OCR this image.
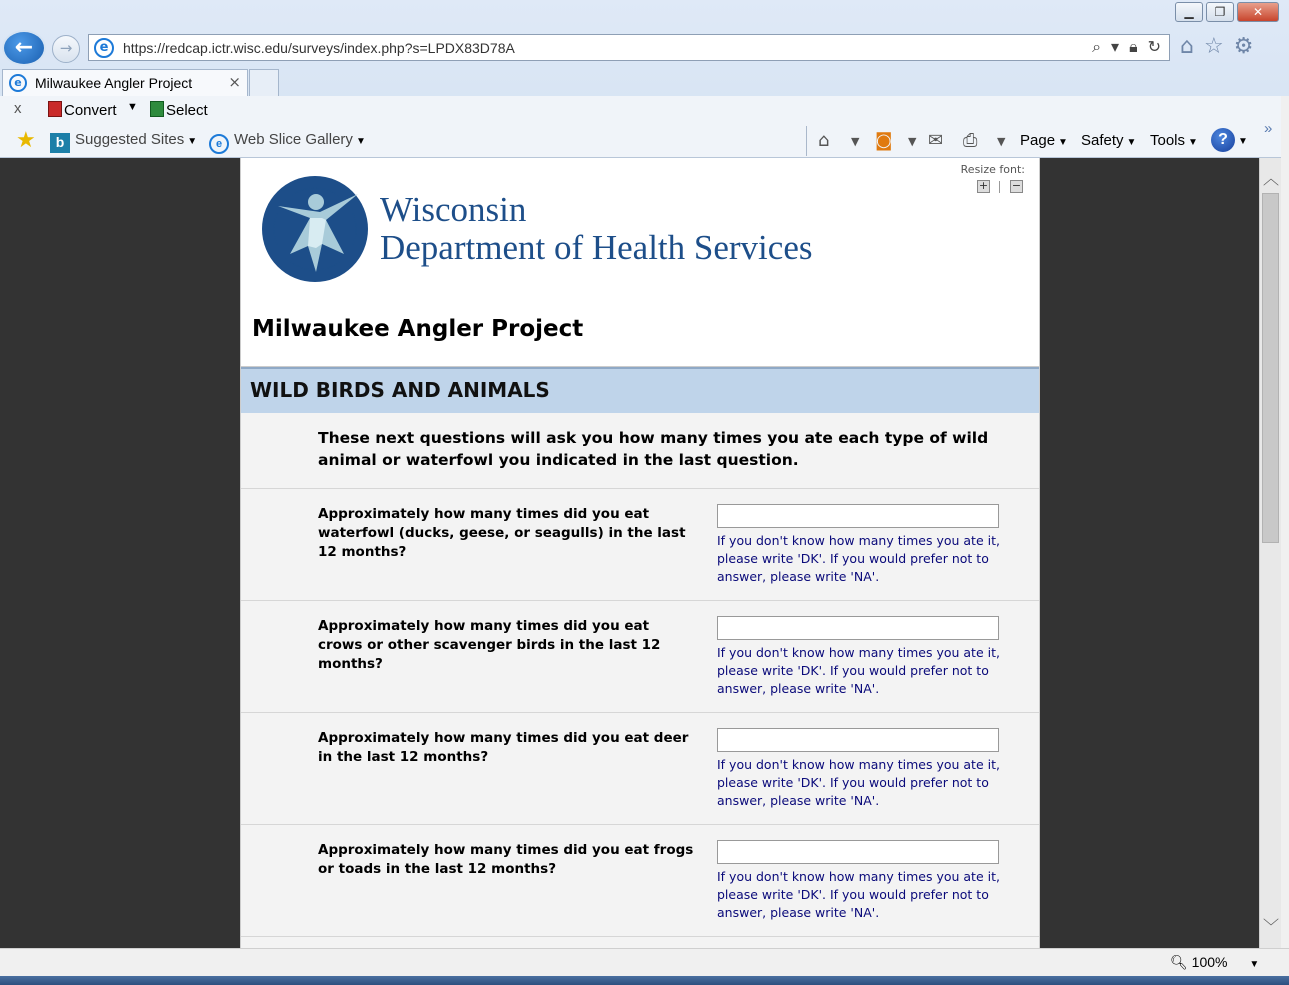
▁	❐	✕
←	→	e	https://redcap.ictr.wisc.edu/surveys/index.php?s=LPDX83D78A	⌕ ▾ 🔒︎ ↻ ⌂ ☆ ⚙
e Milwaukee Angler Project ×
x	Convert ▼	Select
★	b Suggested Sites ▼	e Web Slice Gallery ▼	⌂ ▼ ◙ ▼ ✉ ⎙ ▼ Page ▼ Safety ▼ Tools ▼	? ▼
»
Wisconsin
Department of Health Services
Resize font:
+ −
Milwaukee Angler Project
WILD BIRDS AND ANIMALS
These next questions will ask you how many times you ate each type of wild animal or waterfowl you indicated in the last question.
Approximately how many times did you eat waterfowl (ducks, geese, or seagulls) in the last 12 months?
If you don't know how many times you ate it, please write 'DK'. If you would prefer not to answer, please write 'NA'.
Approximately how many times did you eat crows or other scavenger birds in the last 12 months?
If you don't know how many times you ate it, please write 'DK'. If you would prefer not to answer, please write 'NA'.
Approximately how many times did you eat deer in the last 12 months?	If you don't know how many times you ate it, please write 'DK'. If you would prefer not to answer, please write 'NA'.
Approximately how many times did you eat frogs or toads in the last 12 months?	If you don't know how many times you ate it, please write 'DK'. If you would prefer not to answer, please write 'NA'.
︿
﹀
🔍︎ 100% ▼
